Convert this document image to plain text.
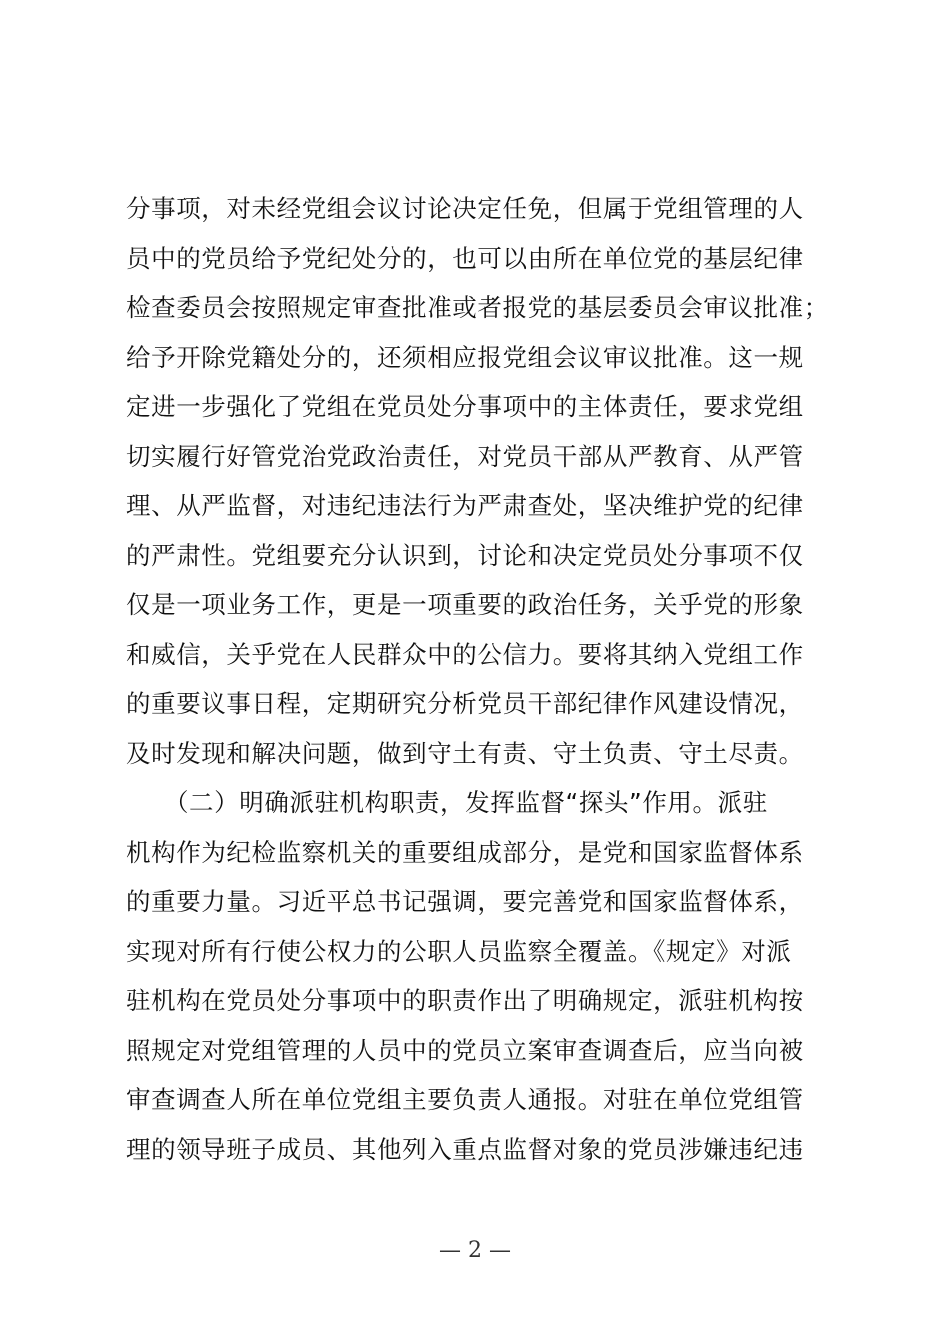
分事项，对未经党组会议讨论决定任免，但属于党组管理的人
员中的党员给予党纪处分的，也可以由所在单位党的基层纪律
检查委员会按照规定审查批准或者报党的基层委员会审议批准；
给予开除党籍处分的，还须相应报党组会议审议批准。这一规
定进一步强化了党组在党员处分事项中的主体责任，要求党组
切实履行好管党治党政治责任，对党员干部从严教育、从严管
理、从严监督，对违纪违法行为严肃查处，坚决维护党的纪律
的严肃性。党组要充分认识到，讨论和决定党员处分事项不仅
仅是一项业务工作，更是一项重要的政治任务，关乎党的形象
和威信，关乎党在人民群众中的公信力。要将其纳入党组工作
的重要议事日程，定期研究分析党员干部纪律作风建设情况，
及时发现和解决问题，做到守土有责、守土负责、守土尽责。
　　（二）明确派驻机构职责，发挥监督“探头”作用。派驻
机构作为纪检监察机关的重要组成部分，是党和国家监督体系
的重要力量。习近平总书记强调，要完善党和国家监督体系，
实现对所有行使公权力的公职人员监察全覆盖。《规定》对派
驻机构在党员处分事项中的职责作出了明确规定，派驻机构按
照规定对党组管理的人员中的党员立案审查调查后，应当向被
审查调查人所在单位党组主要负责人通报。对驻在单位党组管
理的领导班子成员、其他列入重点监督对象的党员涉嫌违纪违
— 2 —
